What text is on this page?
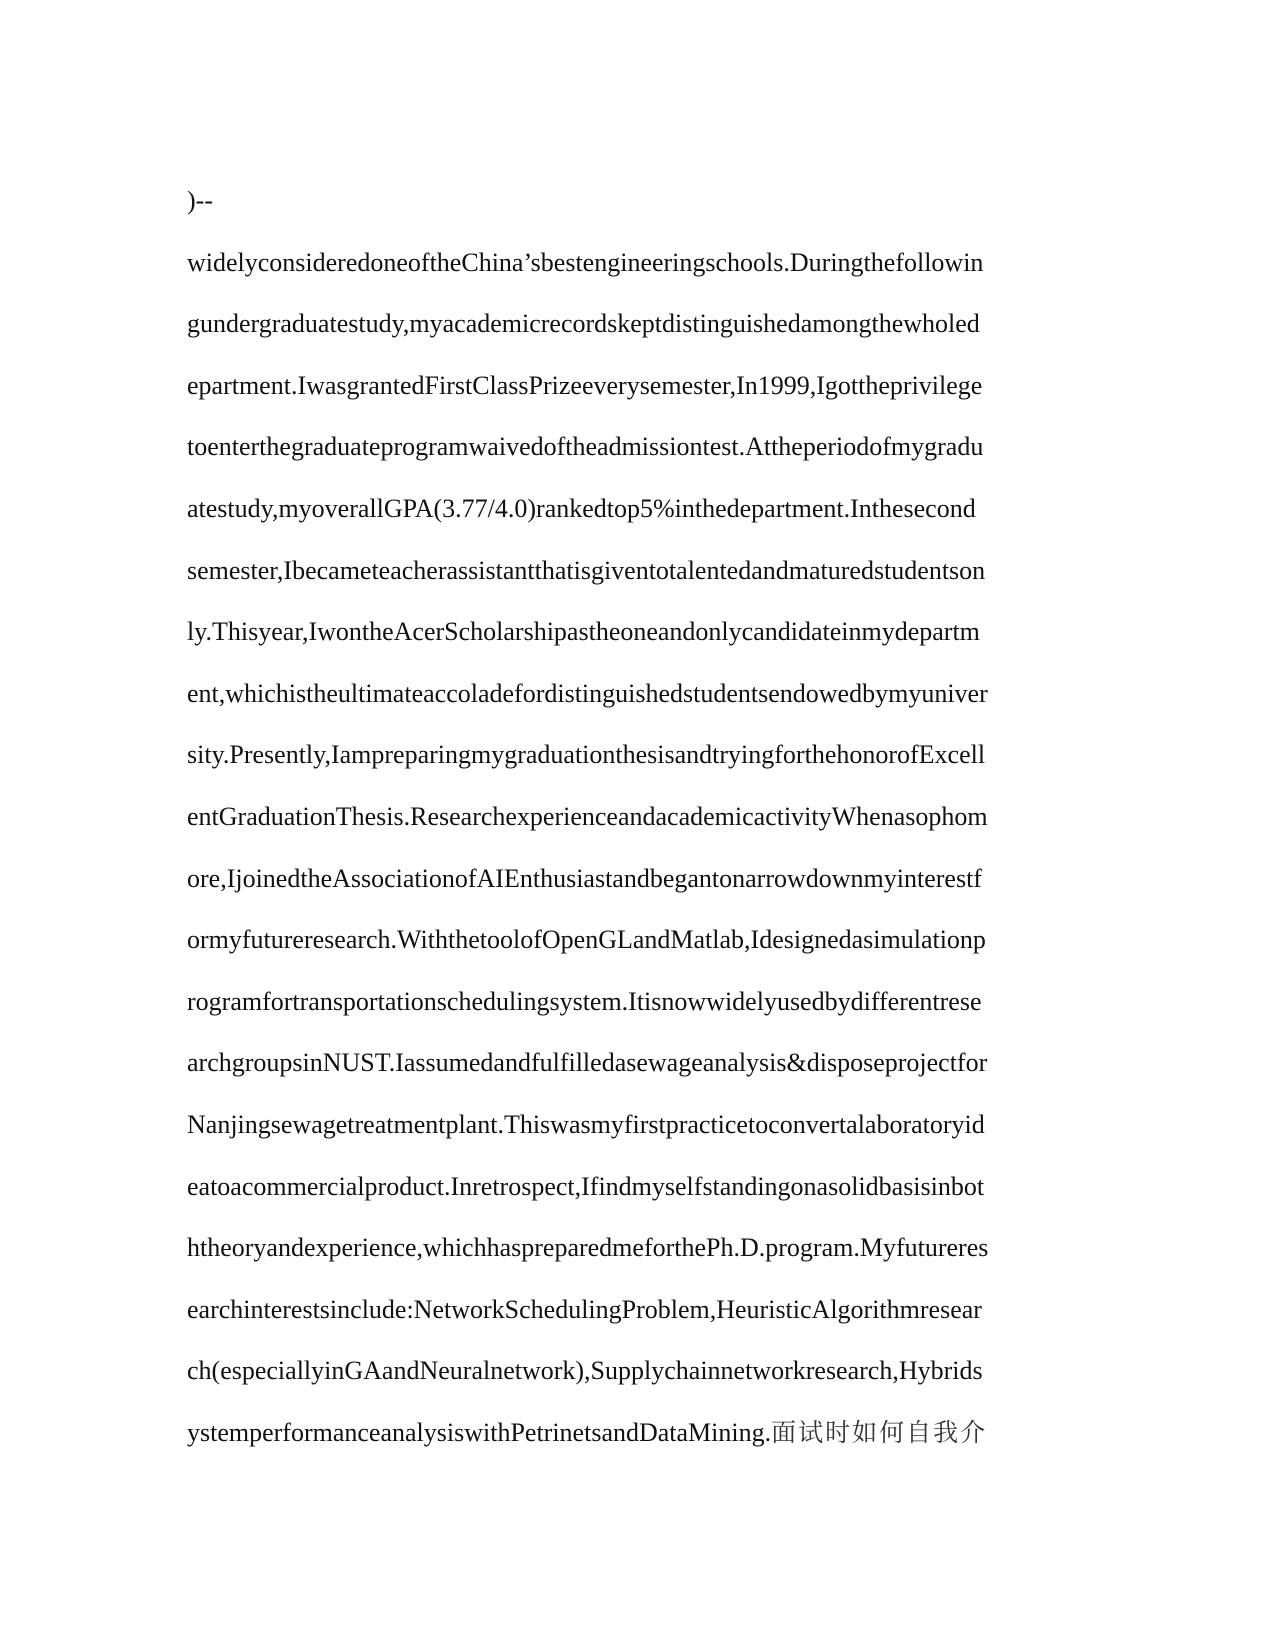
)--
widelyconsideredoneoftheChina’sbestengineeringschools.Duringthefollowin
gundergraduatestudy,myacademicrecordskeptdistinguishedamongthewholed
epartment.IwasgrantedFirstClassPrizeeverysemester,In1999,Igottheprivilege
toenterthegraduateprogramwaivedoftheadmissiontest.Attheperiodofmygradu
atestudy,myoverallGPA(3.77/4.0)rankedtop5%inthedepartment.Inthesecond
semester,Ibecameteacherassistantthatisgiventotalentedandmaturedstudentson
ly.Thisyear,IwontheAcerScholarshipastheoneandonlycandidateinmydepartm
ent,whichistheultimateaccoladefordistinguishedstudentsendowedbymyuniver
sity.Presently,IampreparingmygraduationthesisandtryingforthehonorofExcell
entGraduationThesis.ResearchexperienceandacademicactivityWhenasophom
ore,IjoinedtheAssociationofAIEnthusiastandbegantonarrowdownmyinterestf
ormyfutureresearch.WiththetoolofOpenGLandMatlab,Idesignedasimulationp
rogramfortransportationschedulingsystem.Itisnowwidelyusedbydifferentrese
archgroupsinNUST.Iassumedandfulfilledasewageanalysis&disposeprojectfor
Nanjingsewagetreatmentplant.Thiswasmyfirstpracticetoconvertalaboratoryid
eatoacommercialproduct.Inretrospect,Ifindmyselfstandingonasolidbasisinbot
htheoryandexperience,whichhaspreparedmeforthePh.D.program.Myfutureres
earchinterestsinclude:NetworkSchedulingProblem,HeuristicAlgorithmresear
ch(especiallyinGAandNeuralnetwork),Supplychainnetworkresearch,Hybrids
ystemperformanceanalysiswithPetrinetsandDataMining.面试时如何自我介
